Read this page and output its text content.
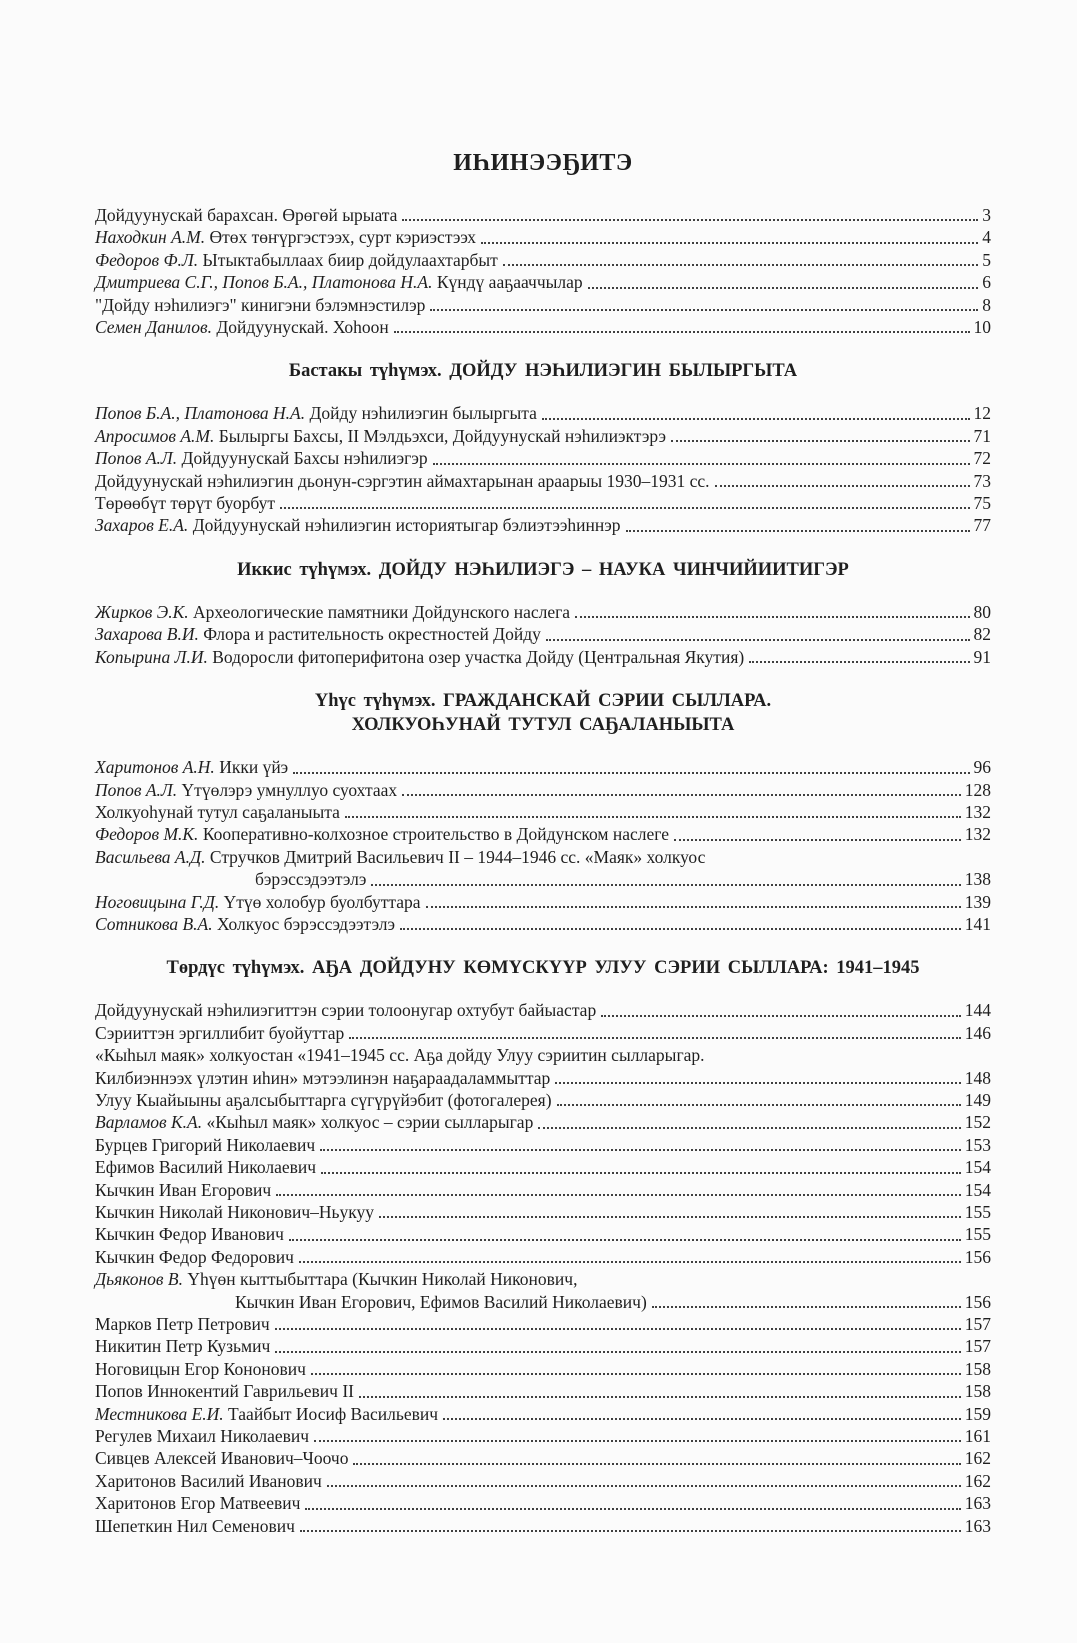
ИҺИНЭЭҔИТЭ
Дойдуунускай барахсан. Өрөгөй ырыата	3
Находкин А.М. Өтөх төҥүргэстээх, сурт кэриэстээх	4
Федоров Ф.Л. Ытыктабыллаах биир дойдулаахтарбыт	5
Дмитриева С.Г., Попов Б.А., Платонова Н.А. Күндү ааҕааччылар	6
"Дойду нэһилиэгэ" кинигэни бэлэмнэстилэр	8
Семен Данилов. Дойдуунускай. Хоһоон	10
Бастакы түһүмэх. ДОЙДУ НЭҺИЛИЭГИН БЫЛЫРГЫТА
Попов Б.А., Платонова Н.А. Дойду нэһилиэгин былыргыта	12
Апросимов А.М. Былыргы Бахсы, II Мэлдьэхси, Дойдуунускай нэһилиэктэрэ	71
Попов А.Л. Дойдуунускай Бахсы нэһилиэгэр	72
Дойдуунускай нэһилиэгин дьонун-сэргэтин аймахтарынан араарыы 1930–1931 сс.	73
Төрөөбүт төрүт буорбут	75
Захаров Е.А. Дойдуунускай нэһилиэгин историятыгар бэлиэтээһиннэр	77
Иккис түһүмэх. ДОЙДУ НЭҺИЛИЭГЭ – НАУКА ЧИНЧИЙИИТИГЭР
Жирков Э.К. Археологические памятники Дойдунского наслега	80
Захарова В.И. Флора и растительность окрестностей Дойду	82
Копырина Л.И. Водоросли фитоперифитона озер участка Дойду (Центральная Якутия)	91
Үһүс түһүмэх. ГРАЖДАНСКАЙ СЭРИИ СЫЛЛАРА.
ХОЛКУОҺУНАЙ ТУТУЛ САҔАЛАНЫЫТА
Харитонов А.Н. Икки үйэ	96
Попов А.Л. Үтүөлэрэ умнуллуо суохтаах	128
Холкуоһунай тутул саҕаланыыта	132
Федоров М.К. Кооперативно-колхозное строительство в Дойдунском наслеге	132
Васильева А.Д. Стручков Дмитрий Васильевич II – 1944–1946 сс. «Маяк» холкуос
бэрэссэдээтэлэ	138
Ноговицына Г.Д. Үтүө холобур буолбуттара	139
Сотникова В.А. Холкуос бэрэссэдээтэлэ	141
Төрдүс түһүмэх. АҔА ДОЙДУНУ КӨМҮСКҮҮР УЛУУ СЭРИИ СЫЛЛАРА: 1941–1945
Дойдуунускай нэһилиэгиттэн сэрии толоонугар охтубут байыастар	144
Сэрииттэн эргиллибит буойуттар	146
«Кыһыл маяк» холкуостан «1941–1945 сс. Аҕа дойду Улуу сэриитин сылларыгар.
Килбиэннээх үлэтин иһин» мэтээлинэн наҕараадаламмыттар	148
Улуу Кыайыыны аҕалсыбыттарга сүгүрүйэбит (фотогалерея)	149
Варламов К.А. «Кыһыл маяк» холкуос – сэрии сылларыгар	152
Бурцев Григорий Николаевич	153
Ефимов Василий Николаевич	154
Кычкин Иван Егорович	154
Кычкин Николай Никонович–Ньукуу	155
Кычкин Федор Иванович	155
Кычкин Федор Федорович	156
Дьяконов В. Үһүөн кыттыбыттара (Кычкин Николай Никонович,
Кычкин Иван Егорович, Ефимов Василий Николаевич)	156
Марков Петр Петрович	157
Никитин Петр Кузьмич	157
Ноговицын Егор Кононович	158
Попов Иннокентий Гаврильевич II	158
Местникова Е.И. Таайбыт Иосиф Васильевич	159
Регулев Михаил Николаевич	161
Сивцев Алексей Иванович–Чоочо	162
Харитонов Василий Иванович	162
Харитонов Егор Матвеевич	163
Шепеткин Нил Семенович	163
